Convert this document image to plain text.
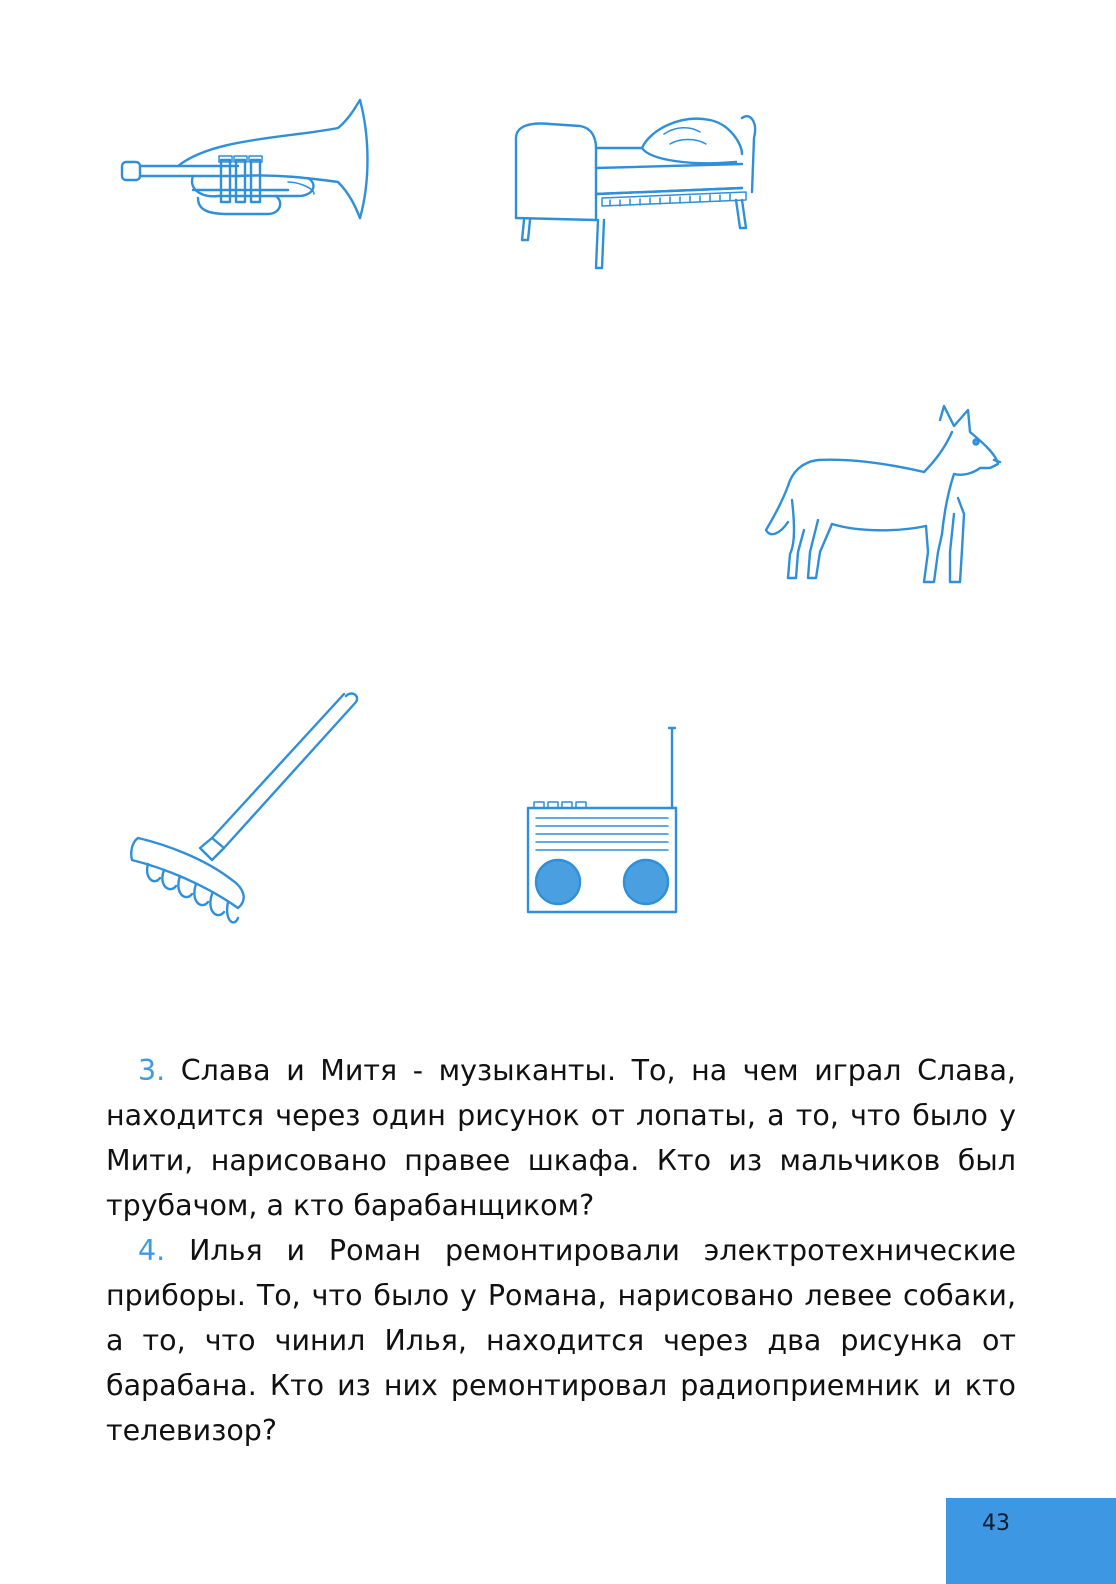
3. Слава и Митя - музыканты. То, на чем играл Слава, находится через один рисунок от лопаты, а то, что было у Мити, нарисовано правее шкафа. Кто из мальчиков был трубачом, а кто барабанщиком?

4. Илья и Роман ремонтировали электротехнические приборы. То, что было у Романа, нарисовано левее собаки, а то, что чинил Илья, находится через два рисунка от барабана. Кто из них ремонтировал радиоприемник и кто телевизор?

43
